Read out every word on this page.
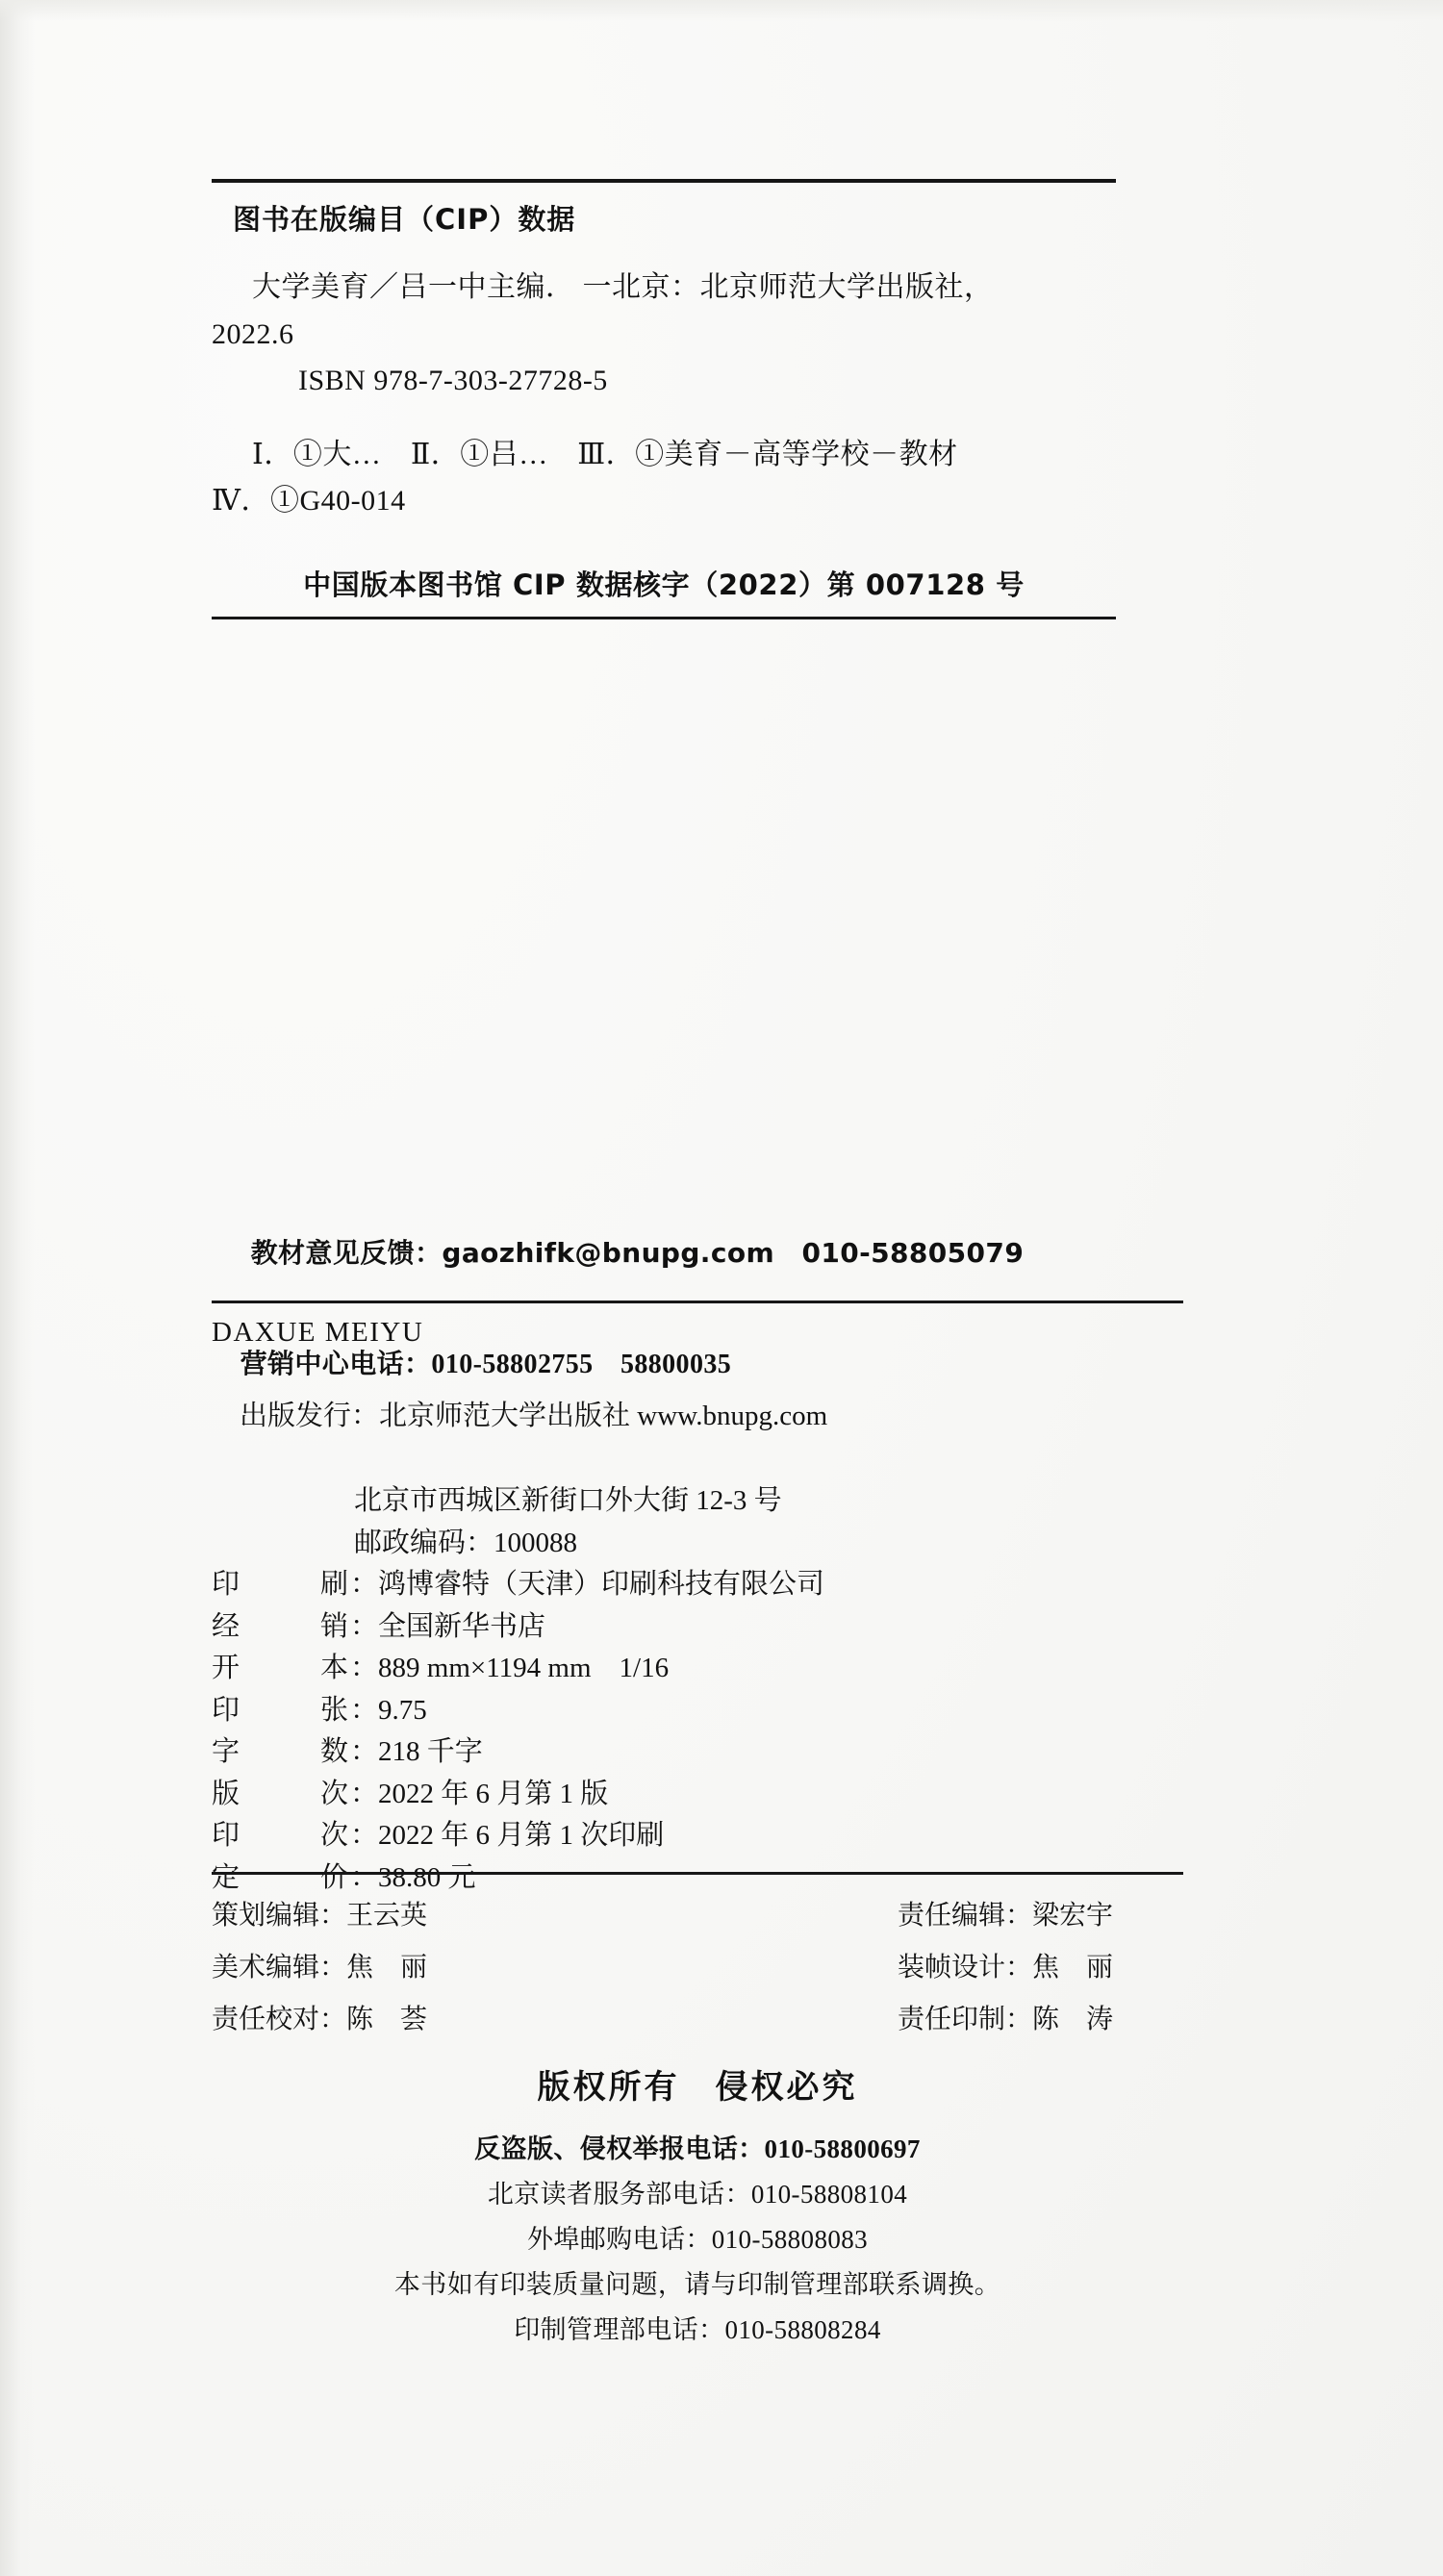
图书在版编目（CIP）数据
大学美育／吕一中主编． 一北京：北京师范大学出版社，
2022.6
ISBN 978-7-303-27728-5
Ⅰ．①大…　Ⅱ．①吕…　Ⅲ．①美育－高等学校－教材
Ⅳ．①G40-014
中国版本图书馆 CIP 数据核字（2022）第 007128 号

教材意见反馈：gaozhifk@bnupg.com　 010-58805079

营销中心电话：010-58802755　 58800035

DAXUE MEIYU

出版发行：北京师范大学出版社 www.bnupg.com

北京市西城区新街口外大街 12-3 号
邮政编码：100088
印	刷 ： 鸿博睿特（天津）印刷科技有限公司
经	销 ： 全国新华书店
开	本 ： 889 mm×1194 mm　1/16
印	张 ： 9.75
字	数 ： 218 千字
版	次 ： 2022 年 6 月第 1 版
印	次 ： 2022 年 6 月第 1 次印刷
定	价 ： 38.80 元
策划编辑：王云英	责任编辑：梁宏宇
美术编辑：焦　丽	装帧设计：焦　丽
责任校对：陈　荟	责任印制：陈　涛
版权所有　侵权必究
反盗版、侵权举报电话：010-58800697
北京读者服务部电话：010-58808104
外埠邮购电话：010-58808083
本书如有印装质量问题，请与印制管理部联系调换。
印制管理部电话：010-58808284
